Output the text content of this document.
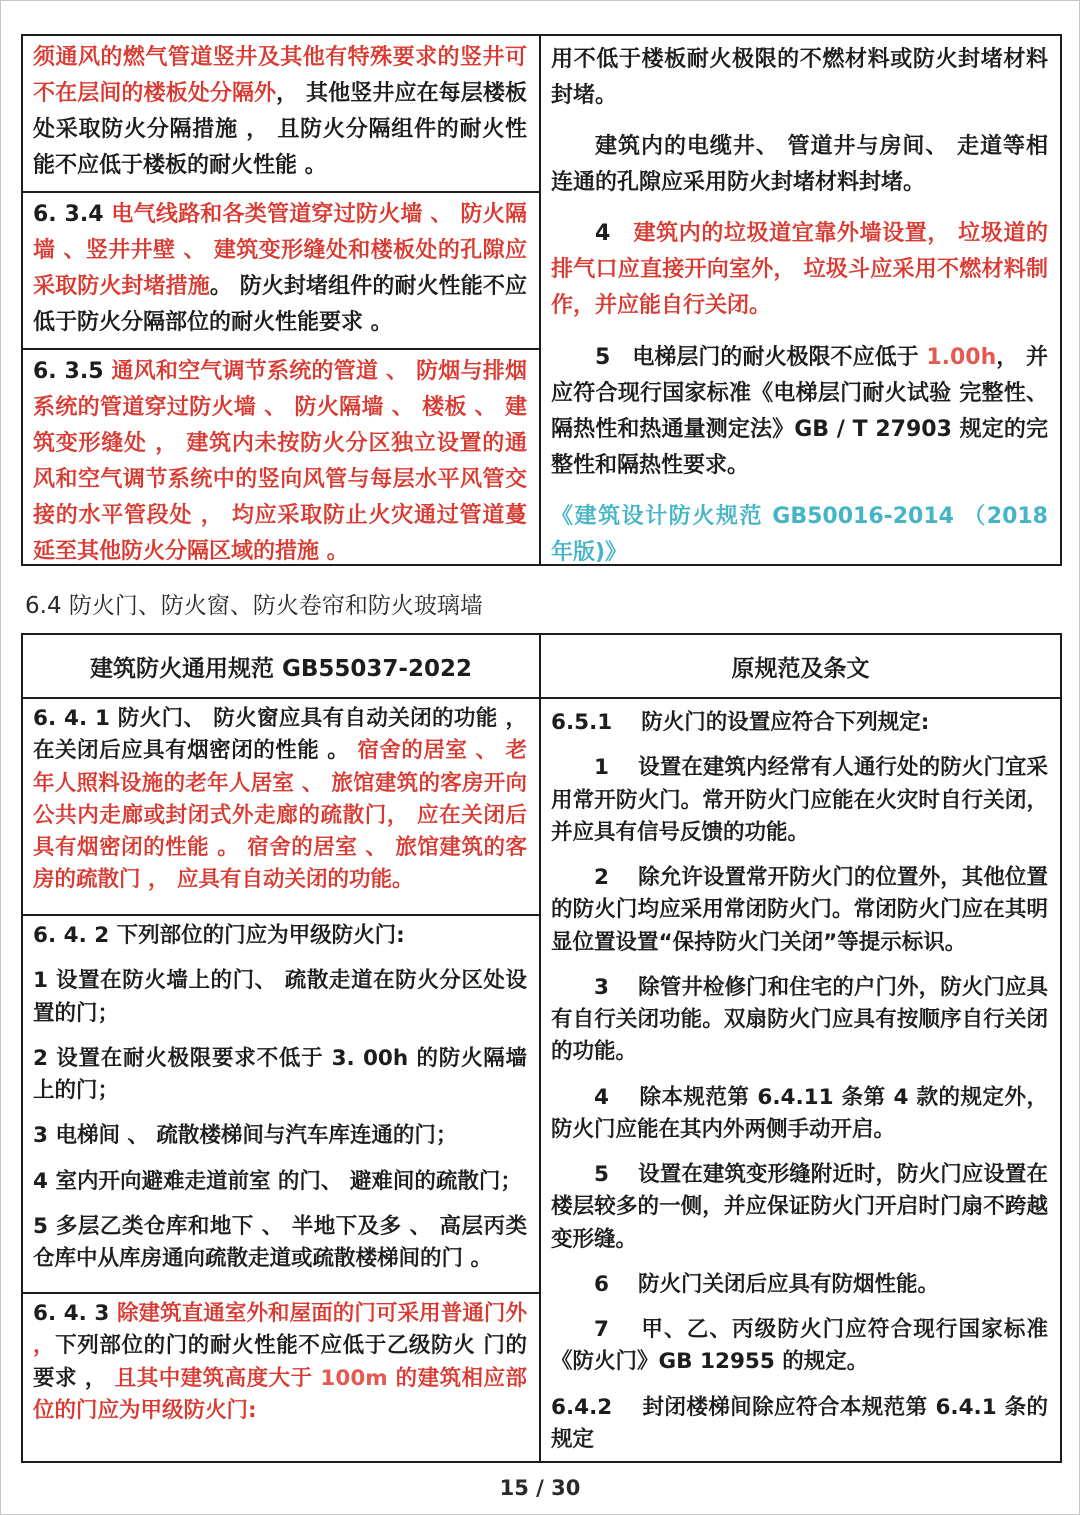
须通风的燃气管道竖井及其他有特殊要求的竖井可不在层间的楼板处分隔外， 其他竖井应在每层楼板处采取防火分隔措施 ， 且防火分隔组件的耐火性能不应低于楼板的耐火性能 。

6. 3.4 电气线路和各类管道穿过防火墙 、 防火隔墙 、竖井井壁 、 建筑变形缝处和楼板处的孔隙应采取防火封堵措施。 防火封堵组件的耐火性能不应低于防火分隔部位的耐火性能要求 。

6. 3.5 通风和空气调节系统的管道 、 防烟与排烟系统的管道穿过防火墙 、 防火隔墙 、 楼板 、 建筑变形缝处 ， 建筑内未按防火分区独立设置的通风和空气调节系统中的竖向风管与每层水平风管交接的水平管段处 ， 均应采取防止火灾通过管道蔓延至其他防火分隔区域的措施 。

用不低于楼板耐火极限的不燃材料或防火封堵材料封堵。

建筑内的电缆井、 管道井与房间、 走道等相连通的孔隙应采用防火封堵材料封堵。

4　建筑内的垃圾道宜靠外墙设置， 垃圾道的排气口应直接开向室外， 垃圾斗应采用不燃材料制作，并应能自行关闭。

5　电梯层门的耐火极限不应低于 1.00h， 并应符合现行国家标准《电梯层门耐火试验 完整性、 隔热性和热通量测定法》GB / T 27903 规定的完整性和隔热性要求。

《建筑设计防火规范 GB50016-2014 （2018 年版)》

6.4 防火门、防火窗、防火卷帘和防火玻璃墙
建筑防火通用规范 GB55037-2022	原规范及条文

6. 4. 1 防火门、 防火窗应具有自动关闭的功能 ， 在关闭后应具有烟密闭的性能 。 宿舍的居室 、 老年人照料设施的老年人居室 、 旅馆建筑的客房开向公共内走廊或封闭式外走廊的疏散门， 应在关闭后具有烟密闭的性能 。 宿舍的居室 、 旅馆建筑的客房的疏散门 ， 应具有自动关闭的功能。

6. 4. 2 下列部位的门应为甲级防火门:

1 设置在防火墙上的门、 疏散走道在防火分区处设置的门；

2 设置在耐火极限要求不低于 3. 00h 的防火隔墙上的门；

3 电梯间 、 疏散楼梯间与汽车库连通的门；

4 室内开向避难走道前室 的门、 避难间的疏散门；

5 多层乙类仓库和地下 、 半地下及多 、 高层丙类仓库中从库房通向疏散走道或疏散楼梯间的门 。

6. 4. 3 除建筑直通室外和屋面的门可采用普通门外 ，下列部位的门的耐火性能不应低于乙级防火 门的要求 ， 且其中建筑高度大于 100m 的建筑相应部位的门应为甲级防火门:

6.5.1　 防火门的设置应符合下列规定:

1　 设置在建筑内经常有人通行处的防火门宜采用常开防火门。常开防火门应能在火灾时自行关闭，并应具有信号反馈的功能。

2　 除允许设置常开防火门的位置外，其他位置的防火门均应采用常闭防火门。常闭防火门应在其明显位置设置“保持防火门关闭”等提示标识。

3　 除管井检修门和住宅的户门外，防火门应具有自行关闭功能。双扇防火门应具有按顺序自行关闭的功能。

4　 除本规范第 6.4.11 条第 4 款的规定外，防火门应能在其内外两侧手动开启。

5　 设置在建筑变形缝附近时，防火门应设置在楼层较多的一侧，并应保证防火门开启时门扇不跨越变形缝。

6　 防火门关闭后应具有防烟性能。

7　 甲、乙、丙级防火门应符合现行国家标准《防火门》GB 12955 的规定。

6.4.2　 封闭楼梯间除应符合本规范第 6.4.1 条的规定

15 / 30
